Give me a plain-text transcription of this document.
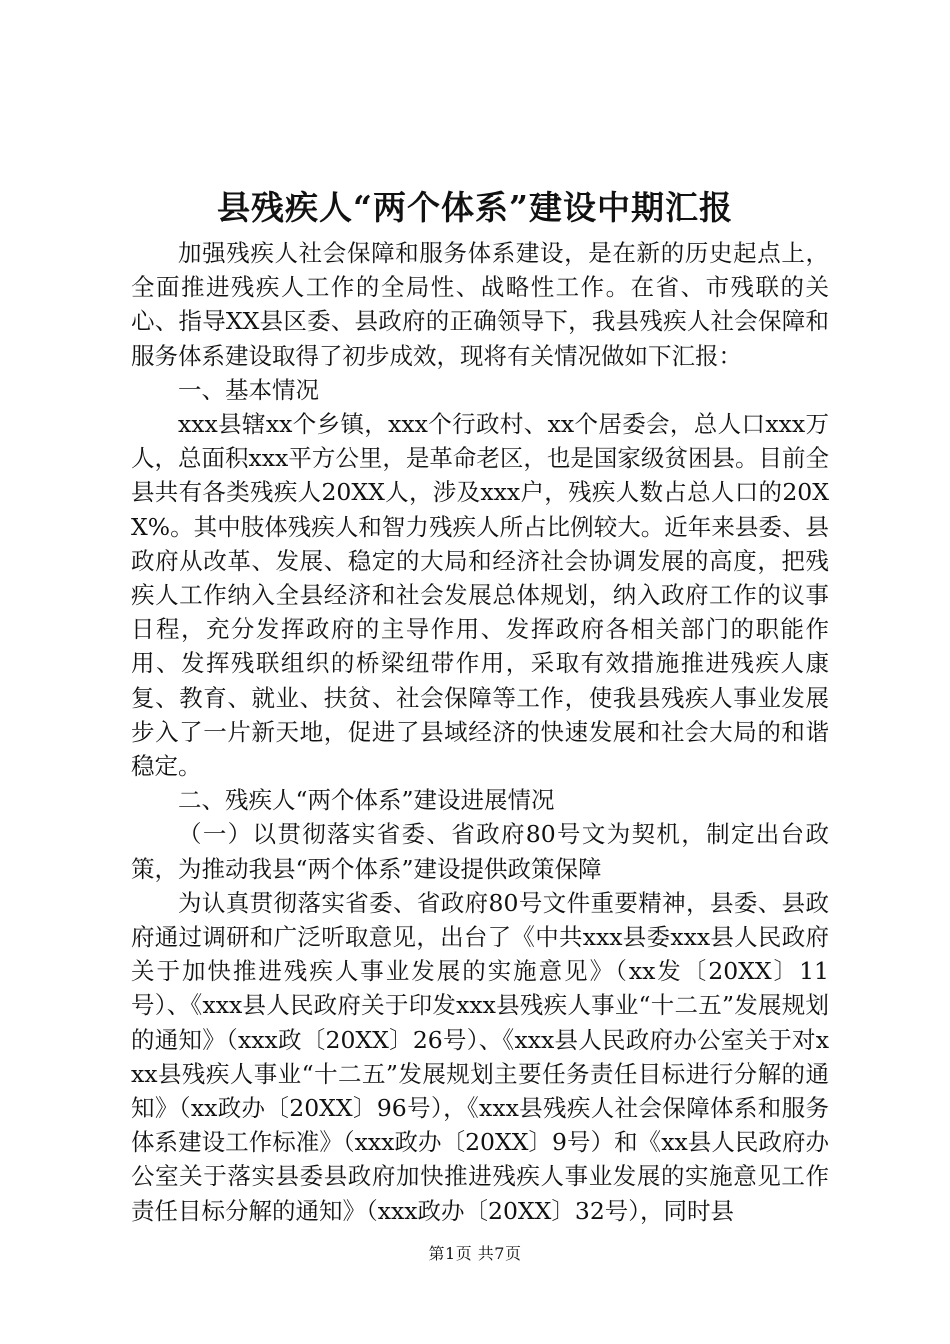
县残疾人“两个体系”建设中期汇报

加强残疾人社会保障和服务体系建设，是在新的历史起点上，全面推进残疾人工作的全局性、战略性工作。在省、市残联的关心、指导XX县区委、县政府的正确领导下，我县残疾人社会保障和服务体系建设取得了初步成效，现将有关情况做如下汇报：

一、基本情况

xxx县辖xx个乡镇，xxx个行政村、xx个居委会，总人口xxx万人，总面积xxx平方公里，是革命老区，也是国家级贫困县。目前全县共有各类残疾人20XX人，涉及xxx户，残疾人数占总人口的20XX%。其中肢体残疾人和智力残疾人所占比例较大。近年来县委、县政府从改革、发展、稳定的大局和经济社会协调发展的高度，把残疾人工作纳入全县经济和社会发展总体规划，纳入政府工作的议事日程，充分发挥政府的主导作用、发挥政府各相关部门的职能作用、发挥残联组织的桥梁纽带作用，采取有效措施推进残疾人康复、教育、就业、扶贫、社会保障等工作，使我县残疾人事业发展步入了一片新天地，促进了县域经济的快速发展和社会大局的和谐稳定。

二、残疾人“两个体系”建设进展情况

（一）以贯彻落实省委、省政府80号文为契机，制定出台政策，为推动我县“两个体系”建设提供政策保障

为认真贯彻落实省委、省政府80号文件重要精神，县委、县政府通过调研和广泛听取意见，出台了《中共xxx县委xxx县人民政府关于加快推进残疾人事业发展的实施意见》（xx发〔20XX〕11号）、《xxx县人民政府关于印发xxx县残疾人事业“十二五”发展规划的通知》（xxx政〔20XX〕26号）、《xxx县人民政府办公室关于对xxx县残疾人事业“十二五”发展规划主要任务责任目标进行分解的通知》（xx政办〔20XX〕96号），《xxx县残疾人社会保障体系和服务体系建设工作标准》（xxx政办〔20XX〕9号）和《xx县人民政府办公室关于落实县委县政府加快推进残疾人事业发展的实施意见工作责任目标分解的通知》（xxx政办〔20XX〕32号），同时县

第1页 共7页
